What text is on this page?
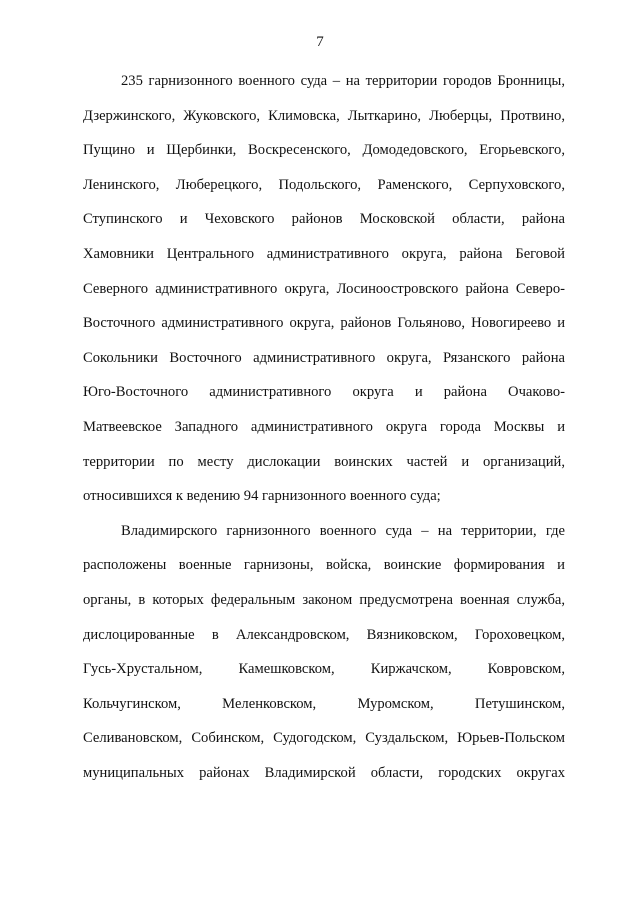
7
235 гарнизонного военного суда – на территории городов Бронницы,
Дзержинского, Жуковского, Климовска, Лыткарино, Люберцы, Протвино,
Пущино и Щербинки, Воскресенского, Домодедовского, Егорьевского,
Ленинского, Люберецкого, Подольского, Раменского, Серпуховского,
Ступинского и Чеховского районов Московской области, района
Хамовники Центрального административного округа, района Беговой
Северного административного округа, Лосиноостровского района Северо-
Восточного административного округа, районов Гольяново, Новогиреево и
Сокольники Восточного административного округа, Рязанского района
Юго-Восточного административного округа и района Очаково-
Матвеевское Западного административного округа города Москвы и
территории по месту дислокации воинских частей и организаций,
относившихся к ведению 94 гарнизонного военного суда;
Владимирского гарнизонного военного суда – на территории, где
расположены военные гарнизоны, войска, воинские формирования и
органы, в которых федеральным законом предусмотрена военная служба,
дислоцированные в Александровском, Вязниковском, Гороховецком,
Гусь-Хрустальном, Камешковском, Киржачском, Ковровском,
Кольчугинском, Меленковском, Муромском, Петушинском,
Селивановском, Собинском, Судогодском, Суздальском, Юрьев-Польском
муниципальных районах Владимирской области, городских округах
